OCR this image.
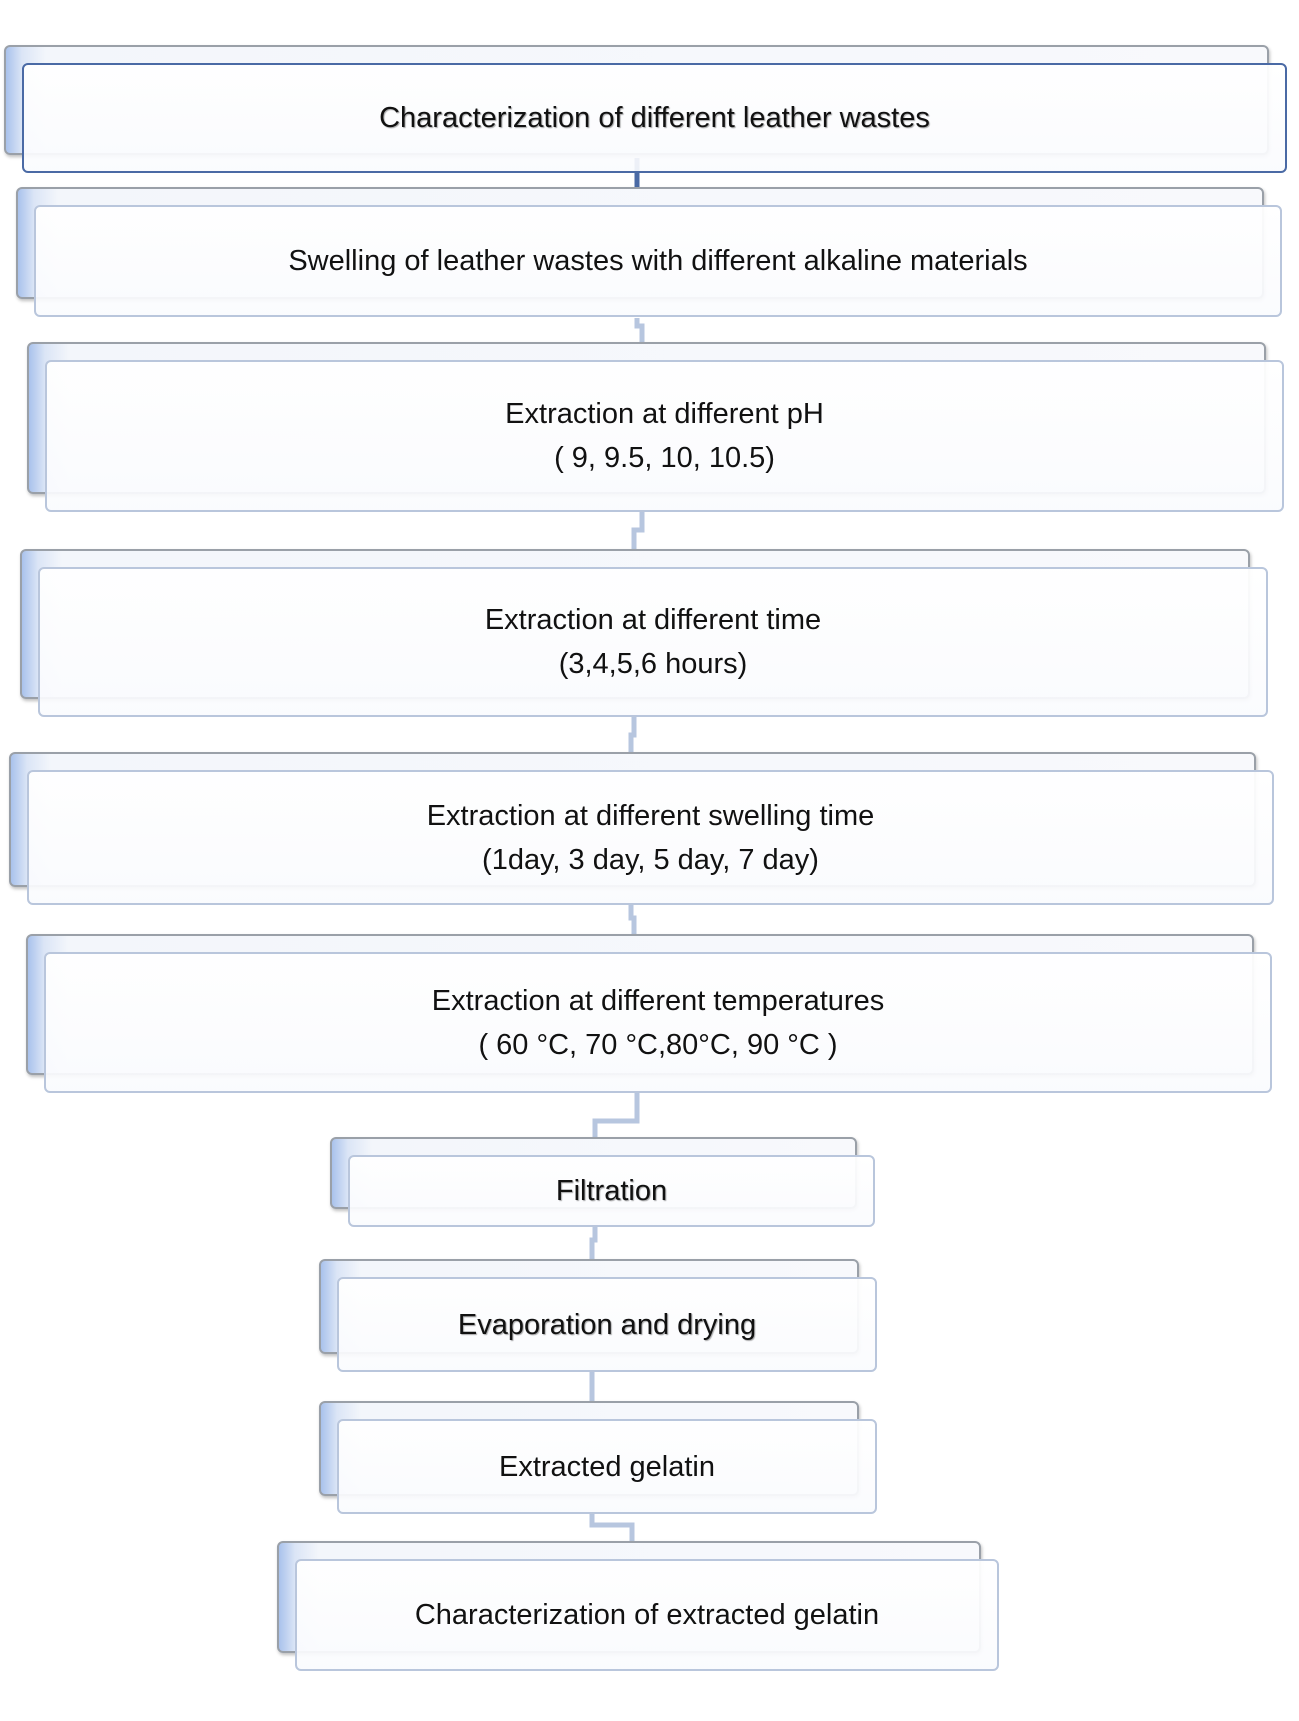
Characterization of different leather wastes
Swelling of leather wastes with different alkaline materials
Extraction at different pH
( 9, 9.5, 10, 10.5)
Extraction at different time
(3,4,5,6 hours)
Extraction at different swelling time
(1day, 3 day, 5 day, 7 day)
Extraction at different temperatures
( 60 °C, 70 °C,80°C, 90 °C )
Filtration
Evaporation and drying
Extracted gelatin
Characterization of extracted gelatin
